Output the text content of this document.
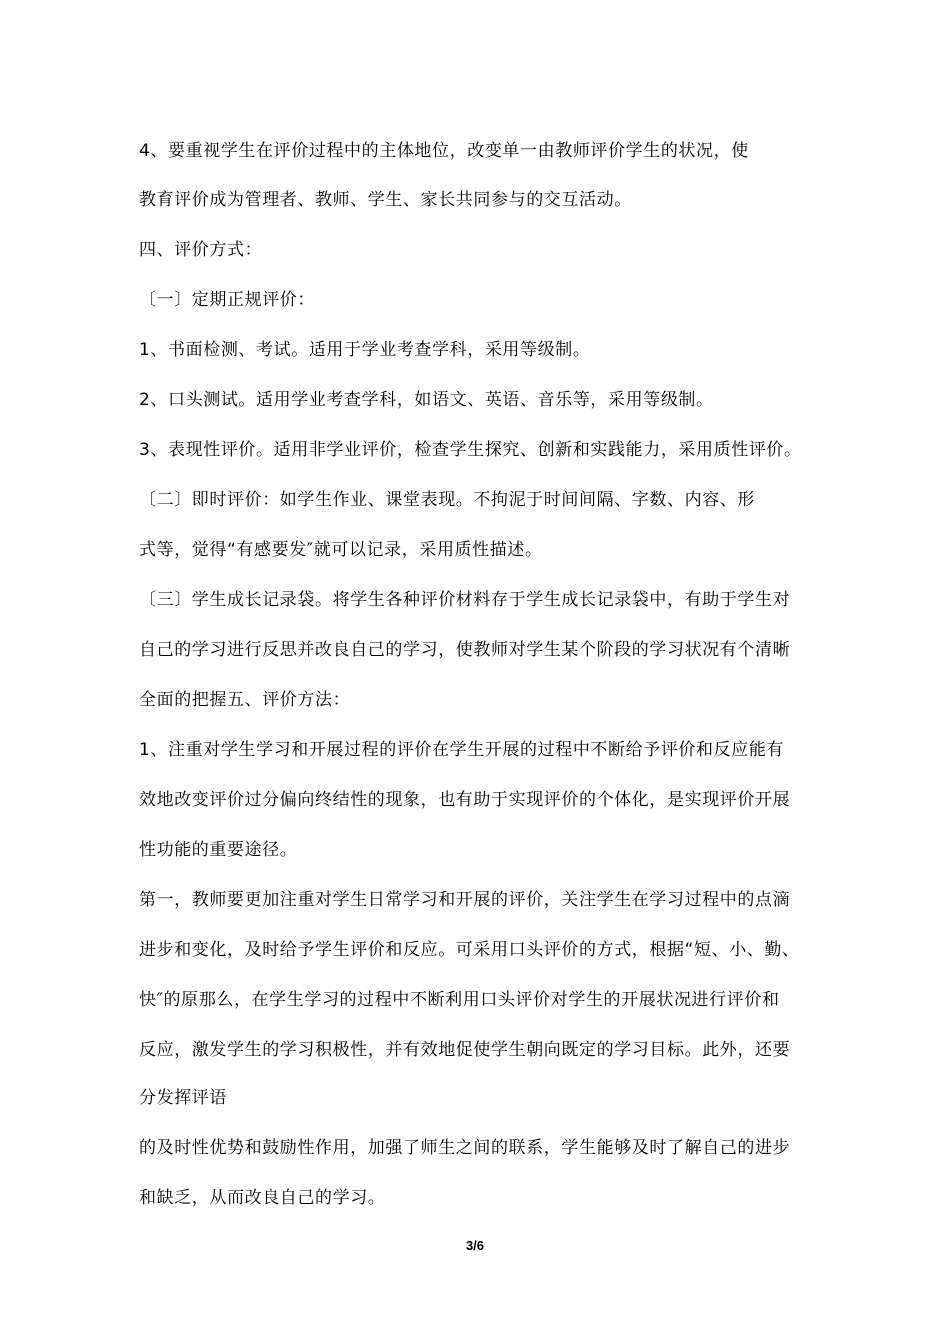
4、要重视学生在评价过程中的主体地位，改变单一由教师评价学生的状况，使
教育评价成为管理者、教师、学生、家长共同参与的交互活动。
四、评价方式：
〔一〕定期正规评价：
1、书面检测、考试。适用于学业考查学科，采用等级制。
2、口头测试。适用学业考查学科，如语文、英语、音乐等，采用等级制。
3、表现性评价。适用非学业评价，检查学生探究、创新和实践能力，采用质性评价。
〔二〕即时评价：如学生作业、课堂表现。不拘泥于时间间隔、字数、内容、形
式等，觉得“有感要发″就可以记录，采用质性描述。
〔三〕学生成长记录袋。将学生各种评价材料存于学生成长记录袋中，有助于学生对
自己的学习进行反思并改良自己的学习，使教师对学生某个阶段的学习状况有个清晰
全面的把握五、评价方法：
1、注重对学生学习和开展过程的评价在学生开展的过程中不断给予评价和反应能有
效地改变评价过分偏向终结性的现象，也有助于实现评价的个体化，是实现评价开展
性功能的重要途径。
第一，教师要更加注重对学生日常学习和开展的评价，关注学生在学习过程中的点滴
进步和变化，及时给予学生评价和反应。可采用口头评价的方式，根据“短、小、勤、
快″的原那么，在学生学习的过程中不断利用口头评价对学生的开展状况进行评价和
反应，激发学生的学习积极性，并有效地促使学生朝向既定的学习目标。此外，还要
分发挥评语
的及时性优势和鼓励性作用，加强了师生之间的联系，学生能够及时了解自己的进步
和缺乏，从而改良自己的学习。
3/6
